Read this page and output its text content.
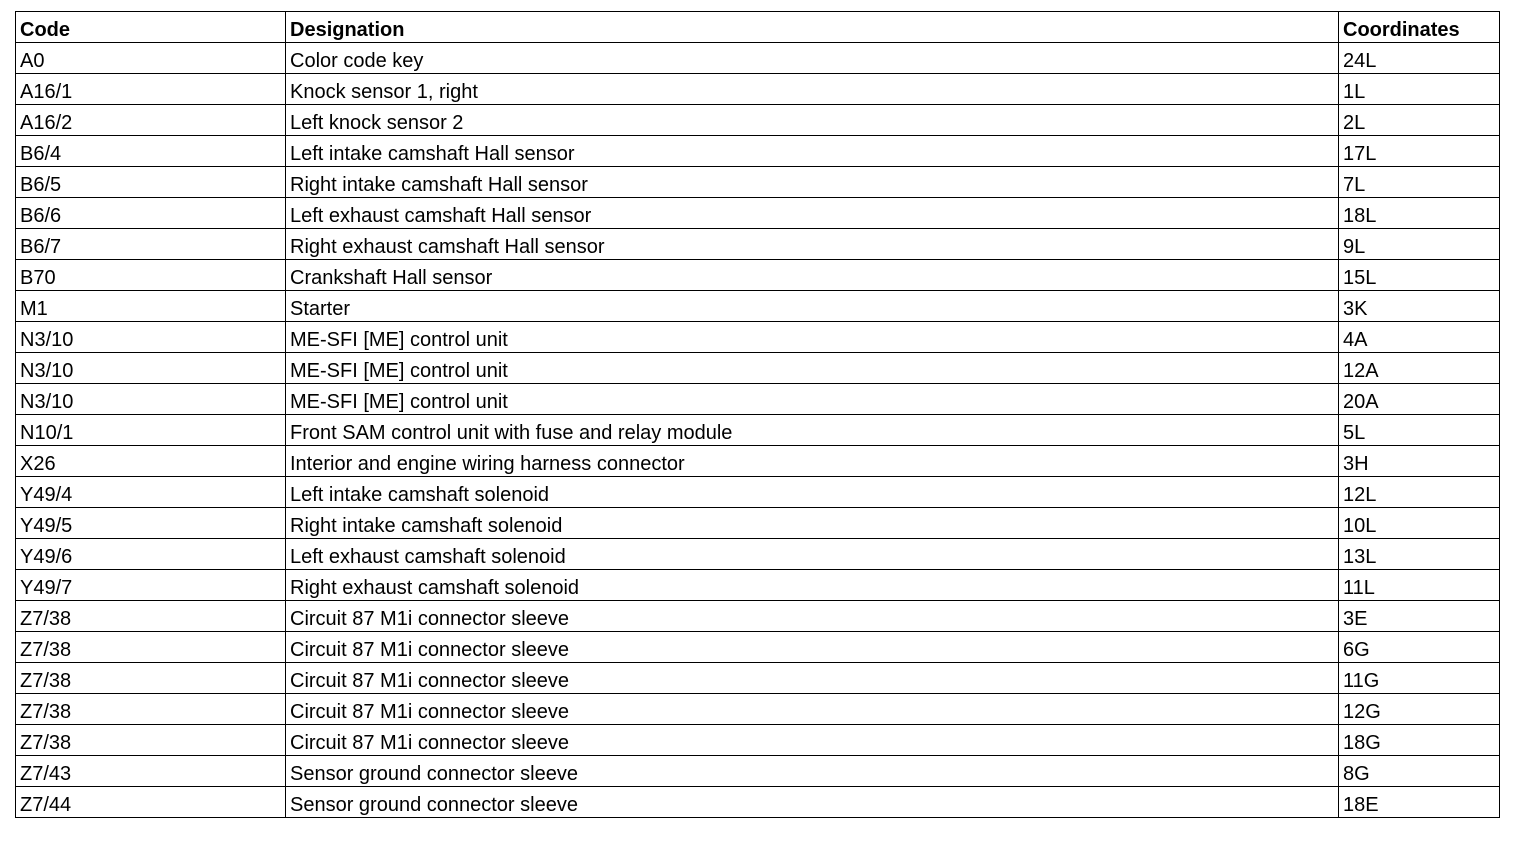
Code	Designation	Coordinates
A0	Color code key	24L
A16/1	Knock sensor 1, right	1L
A16/2	Left knock sensor 2	2L
B6/4	Left intake camshaft Hall sensor	17L
B6/5	Right intake camshaft Hall sensor	7L
B6/6	Left exhaust camshaft Hall sensor	18L
B6/7	Right exhaust camshaft Hall sensor	9L
B70	Crankshaft Hall sensor	15L
M1	Starter	3K
N3/10	ME-SFI [ME] control unit	4A
N3/10	ME-SFI [ME] control unit	12A
N3/10	ME-SFI [ME] control unit	20A
N10/1	Front SAM control unit with fuse and relay module	5L
X26	Interior and engine wiring harness connector	3H
Y49/4	Left intake camshaft solenoid	12L
Y49/5	Right intake camshaft solenoid	10L
Y49/6	Left exhaust camshaft solenoid	13L
Y49/7	Right exhaust camshaft solenoid	11L
Z7/38	Circuit 87 M1i connector sleeve	3E
Z7/38	Circuit 87 M1i connector sleeve	6G
Z7/38	Circuit 87 M1i connector sleeve	11G
Z7/38	Circuit 87 M1i connector sleeve	12G
Z7/38	Circuit 87 M1i connector sleeve	18G
Z7/43	Sensor ground connector sleeve	8G
Z7/44	Sensor ground connector sleeve	18E
